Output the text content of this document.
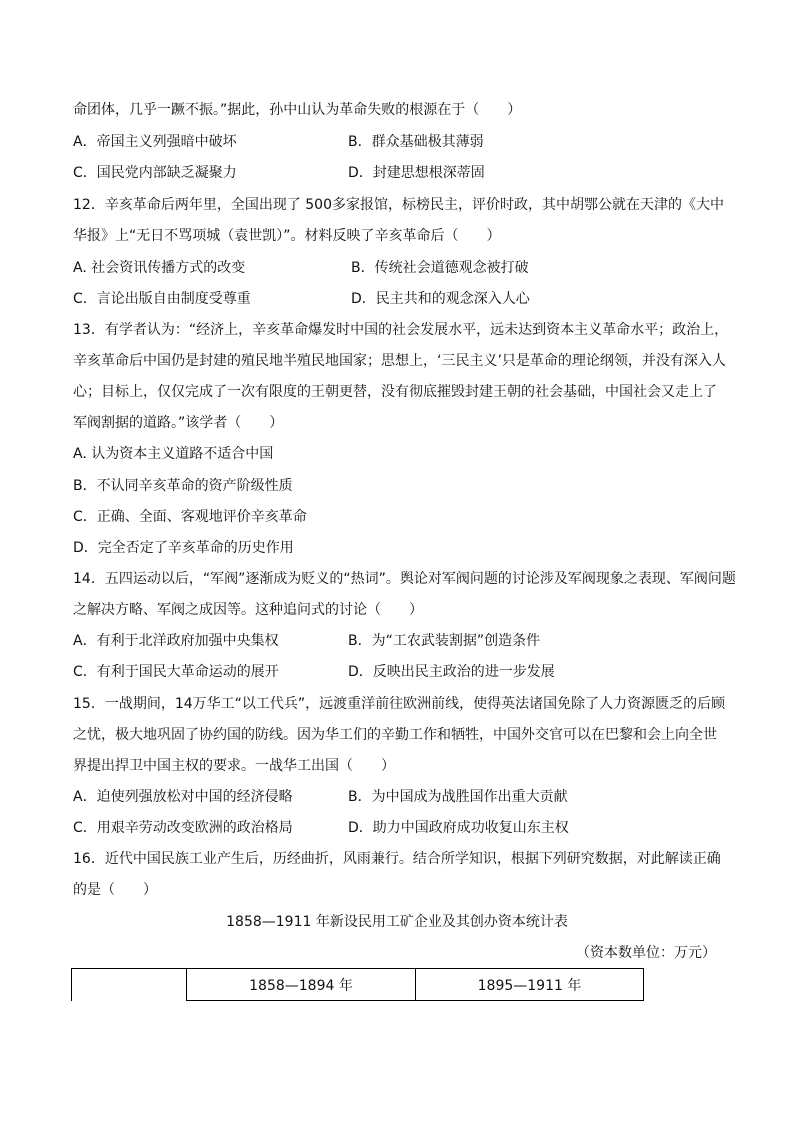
命团体，几乎一蹶不振。”据此，孙中山认为革命失败的根源在于（　　）
A．帝国主义列强暗中破坏	B．群众基础极其薄弱
C．国民党内部缺乏凝聚力	D．封建思想根深蒂固
12．辛亥革命后两年里，全国出现了 500多家报馆，标榜民主，评价时政，其中胡鄂公就在天津的《大中
华报》上“无日不骂项城（袁世凯）”。材料反映了辛亥革命后（　　）
A. 社会资讯传播方式的改变	B．传统社会道德观念被打破
C．言论出版自由制度受尊重	D．民主共和的观念深入人心
13．有学者认为：“经济上，辛亥革命爆发时中国的社会发展水平，远未达到资本主义革命水平；政治上，
辛亥革命后中国仍是封建的殖民地半殖民地国家；思想上，‘三民主义’只是革命的理论纲领，并没有深入人
心；目标上，仅仅完成了一次有限度的王朝更替，没有彻底摧毁封建王朝的社会基础，中国社会又走上了
军阀割据的道路。”该学者（　　）
A. 认为资本主义道路不适合中国
B．不认同辛亥革命的资产阶级性质
C．正确、全面、客观地评价辛亥革命
D．完全否定了辛亥革命的历史作用
14．五四运动以后，“军阀”逐渐成为贬义的“热词”。舆论对军阀问题的讨论涉及军阀现象之表现、军阀问题
之解决方略、军阀之成因等。这种追问式的讨论（　　）
A．有利于北洋政府加强中央集权	B．为“工农武装割据”创造条件
C．有利于国民大革命运动的展开	D．反映出民主政治的进一步发展
15．一战期间，14万华工“以工代兵”，远渡重洋前往欧洲前线，使得英法诸国免除了人力资源匮乏的后顾
之忧，极大地巩固了协约国的防线。因为华工们的辛勤工作和牺牲，中国外交官可以在巴黎和会上向全世
界提出捍卫中国主权的要求。一战华工出国（　　）
A．迫使列强放松对中国的经济侵略	B．为中国成为战胜国作出重大贡献
C．用艰辛劳动改变欧洲的政治格局	D．助力中国政府成功收复山东主权
16．近代中国民族工业产生后，历经曲折，风雨兼行。结合所学知识，根据下列研究数据，对此解读正确
的是（　　）
1858—1911 年新设民用工矿企业及其创办资本统计表
（资本数单位：万元）
	1858—1894 年	1895—1911 年
